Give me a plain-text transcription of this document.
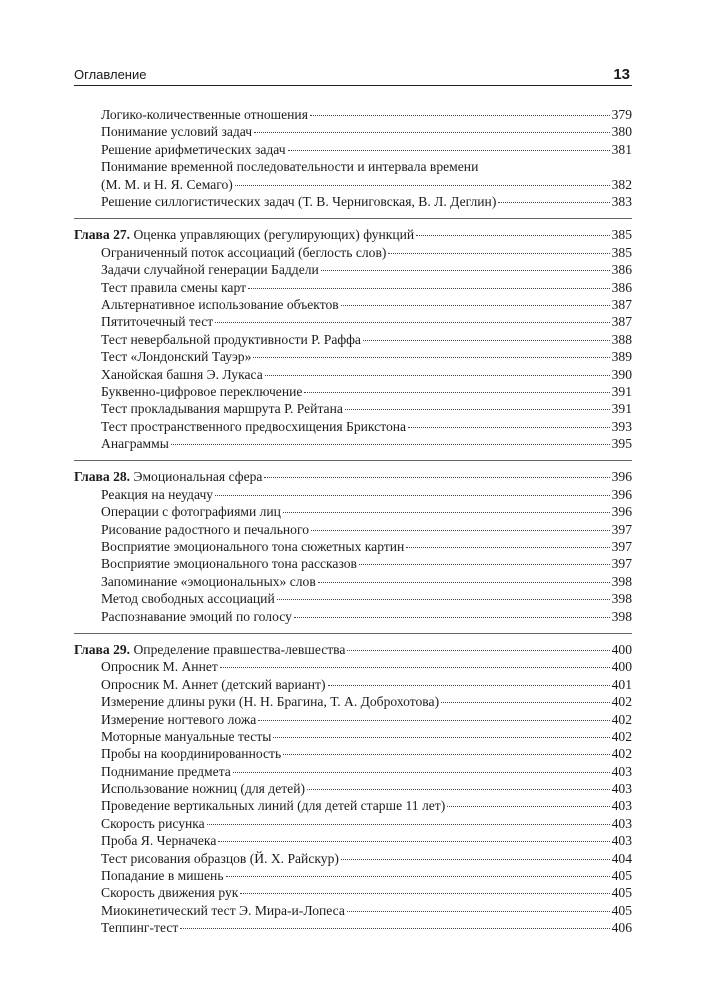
Оглавление	13
Логико-количественные отношения	379
Понимание условий задач	380
Решение арифметических задач	381
Понимание временной последовательности и интервала времени
(М. М. и Н. Я. Семаго)	382
Решение силлогистических задач (Т. В. Черниговская, В. Л. Деглин)	383
Глава 27. Оценка управляющих (регулирующих) функций	385
Ограниченный поток ассоциаций (беглость слов)	385
Задачи случайной генерации Баддели	386
Тест правила смены карт	386
Альтернативное использование объектов	387
Пятиточечный тест	387
Тест невербальной продуктивности Р. Раффа	388
Тест «Лондонский Тауэр»	389
Ханойская башня Э. Лукаса	390
Буквенно-цифровое переключение	391
Тест прокладывания маршрута Р. Рейтана	391
Тест пространственного предвосхищения Брикстона	393
Анаграммы	395
Глава 28. Эмоциональная сфера	396
Реакция на неудачу	396
Операции с фотографиями лиц	396
Рисование радостного и печального	397
Восприятие эмоционального тона сюжетных картин	397
Восприятие эмоционального тона рассказов	397
Запоминание «эмоциональных» слов	398
Метод свободных ассоциаций	398
Распознавание эмоций по голосу	398
Глава 29. Определение правшества-левшества	400
Опросник М. Аннет	400
Опросник М. Аннет (детский вариант)	401
Измерение длины руки (Н. Н. Брагина, Т. А. Доброхотова)	402
Измерение ногтевого ложа	402
Моторные мануальные тесты	402
Пробы на координированность	402
Поднимание предмета	403
Использование ножниц (для детей)	403
Проведение вертикальных линий (для детей старше 11 лет)	403
Скорость рисунка	403
Проба Я. Черначека	403
Тест рисования образцов (Й. Х. Райскур)	404
Попадание в мишень	405
Скорость движения рук	405
Миокинетический тест Э. Мира-и-Лопеса	405
Теппинг-тест	406
